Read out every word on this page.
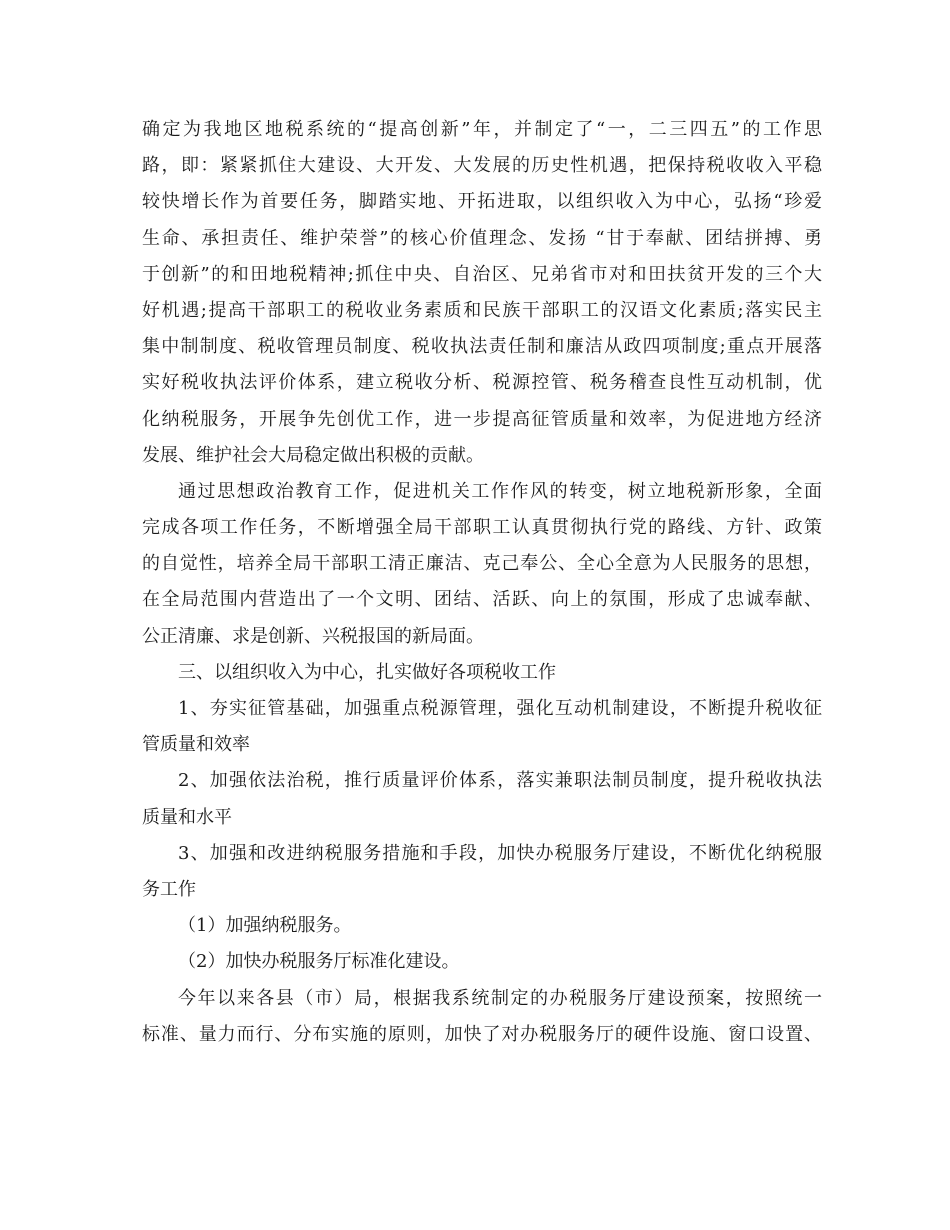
确定为我地区地税系统的“提高创新”年，并制定了“一，二三四五”的工作思
路，即：紧紧抓住大建设、大开发、大发展的历史性机遇，把保持税收收入平稳
较快增长作为首要任务，脚踏实地、开拓进取，以组织收入为中心，弘扬“珍爱
生命、承担责任、维护荣誉”的核心价值理念、发扬 “甘于奉献、团结拼搏、勇
于创新”的和田地税精神;抓住中央、自治区、兄弟省市对和田扶贫开发的三个大
好机遇;提高干部职工的税收业务素质和民族干部职工的汉语文化素质;落实民主
集中制制度、税收管理员制度、税收执法责任制和廉洁从政四项制度;重点开展落
实好税收执法评价体系，建立税收分析、税源控管、税务稽查良性互动机制，优
化纳税服务，开展争先创优工作，进一步提高征管质量和效率，为促进地方经济
发展、维护社会大局稳定做出积极的贡献。
通过思想政治教育工作，促进机关工作作风的转变，树立地税新形象，全面
完成各项工作任务，不断增强全局干部职工认真贯彻执行党的路线、方针、政策
的自觉性，培养全局干部职工清正廉洁、克己奉公、全心全意为人民服务的思想，
在全局范围内营造出了一个文明、团结、活跃、向上的氛围，形成了忠诚奉献、
公正清廉、求是创新、兴税报国的新局面。
三、以组织收入为中心，扎实做好各项税收工作
1、夯实征管基础，加强重点税源管理，强化互动机制建设，不断提升税收征
管质量和效率
2、加强依法治税，推行质量评价体系，落实兼职法制员制度，提升税收执法
质量和水平
3、加强和改进纳税服务措施和手段，加快办税服务厅建设，不断优化纳税服
务工作
（1）加强纳税服务。
（2）加快办税服务厅标准化建设。
今年以来各县（市）局，根据我系统制定的办税服务厅建设预案，按照统一
标准、量力而行、分布实施的原则，加快了对办税服务厅的硬件设施、窗口设置、
